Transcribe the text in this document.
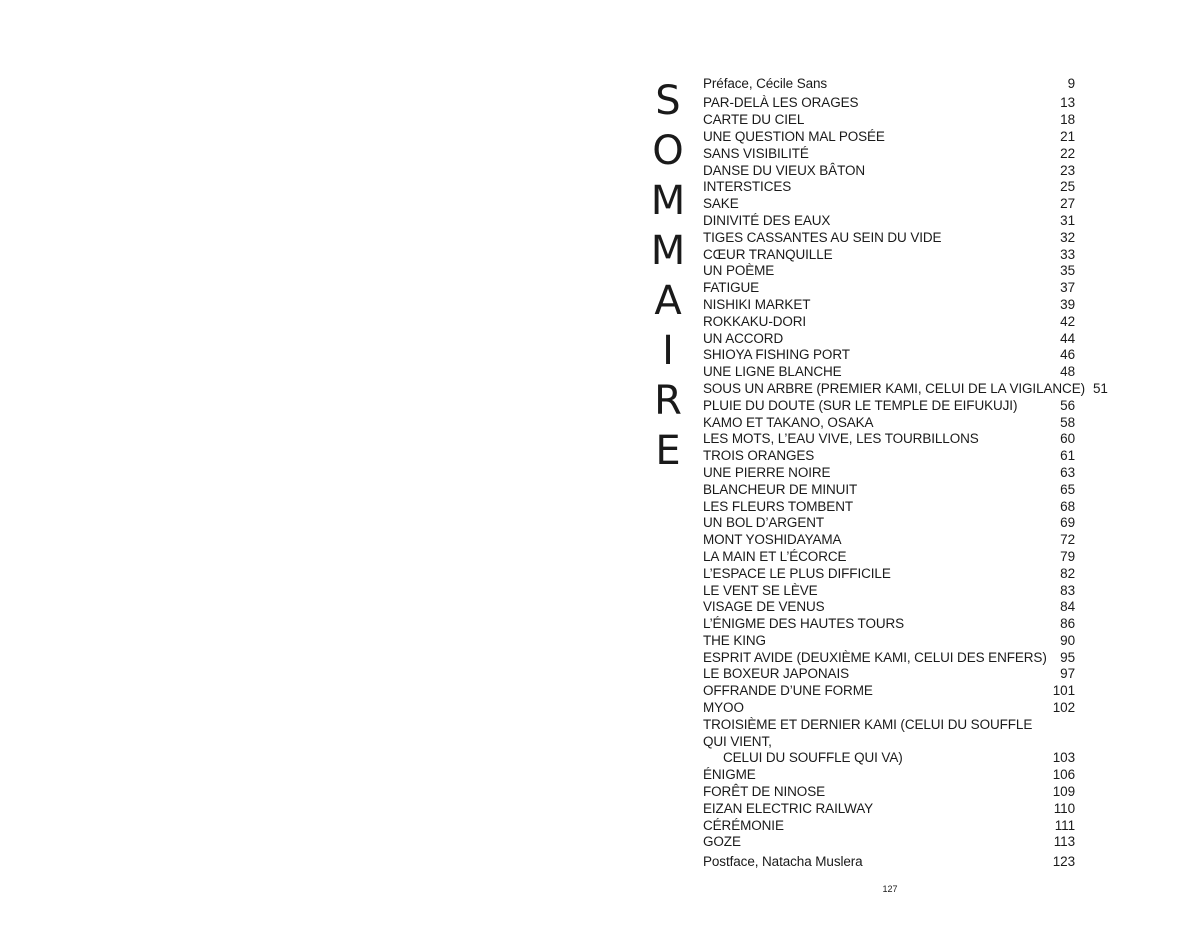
S
O
M
M
A
I
R
E
Préface, Cécile Sans	9
PAR-DELÀ LES ORAGES	13
CARTE DU CIEL	18
UNE QUESTION MAL POSÉE	21
SANS VISIBILITÉ	22
DANSE DU VIEUX BÂTON	23
INTERSTICES	25
SAKE	27
DINIVITÉ DES EAUX	31
TIGES CASSANTES AU SEIN DU VIDE	32
CŒUR TRANQUILLE	33
UN POÈME	35
FATIGUE	37
NISHIKI MARKET	39
ROKKAKU-DORI	42
UN ACCORD	44
SHIOYA FISHING PORT	46
UNE LIGNE BLANCHE	48
SOUS UN ARBRE (PREMIER KAMI, CELUI DE LA VIGILANCE) 51
PLUIE DU DOUTE (SUR LE TEMPLE DE EIFUKUJI)	56
KAMO ET TAKANO, OSAKA	58
LES MOTS, L’EAU VIVE, LES TOURBILLONS	60
TROIS ORANGES	61
UNE PIERRE NOIRE	63
BLANCHEUR DE MINUIT	65
LES FLEURS TOMBENT	68
UN BOL D’ARGENT	69
MONT YOSHIDAYAMA	72
LA MAIN ET L’ÉCORCE	79
L’ESPACE LE PLUS DIFFICILE	82
LE VENT SE LÈVE	83
VISAGE DE VENUS	84
L’ÉNIGME DES HAUTES TOURS	86
THE KING	90
ESPRIT AVIDE (DEUXIÈME KAMI, CELUI DES ENFERS) 95
LE BOXEUR JAPONAIS	97
OFFRANDE D’UNE FORME	101
MYOO	102
TROISIÈME ET DERNIER KAMI (CELUI DU SOUFFLE QUI VIENT,
CELUI DU SOUFFLE QUI VA)	103
ÉNIGME	106
FORÊT DE NINOSE	109
EIZAN ELECTRIC RAILWAY	110
CÉRÉMONIE	111
GOZE	113
Postface, Natacha Muslera	123
127
